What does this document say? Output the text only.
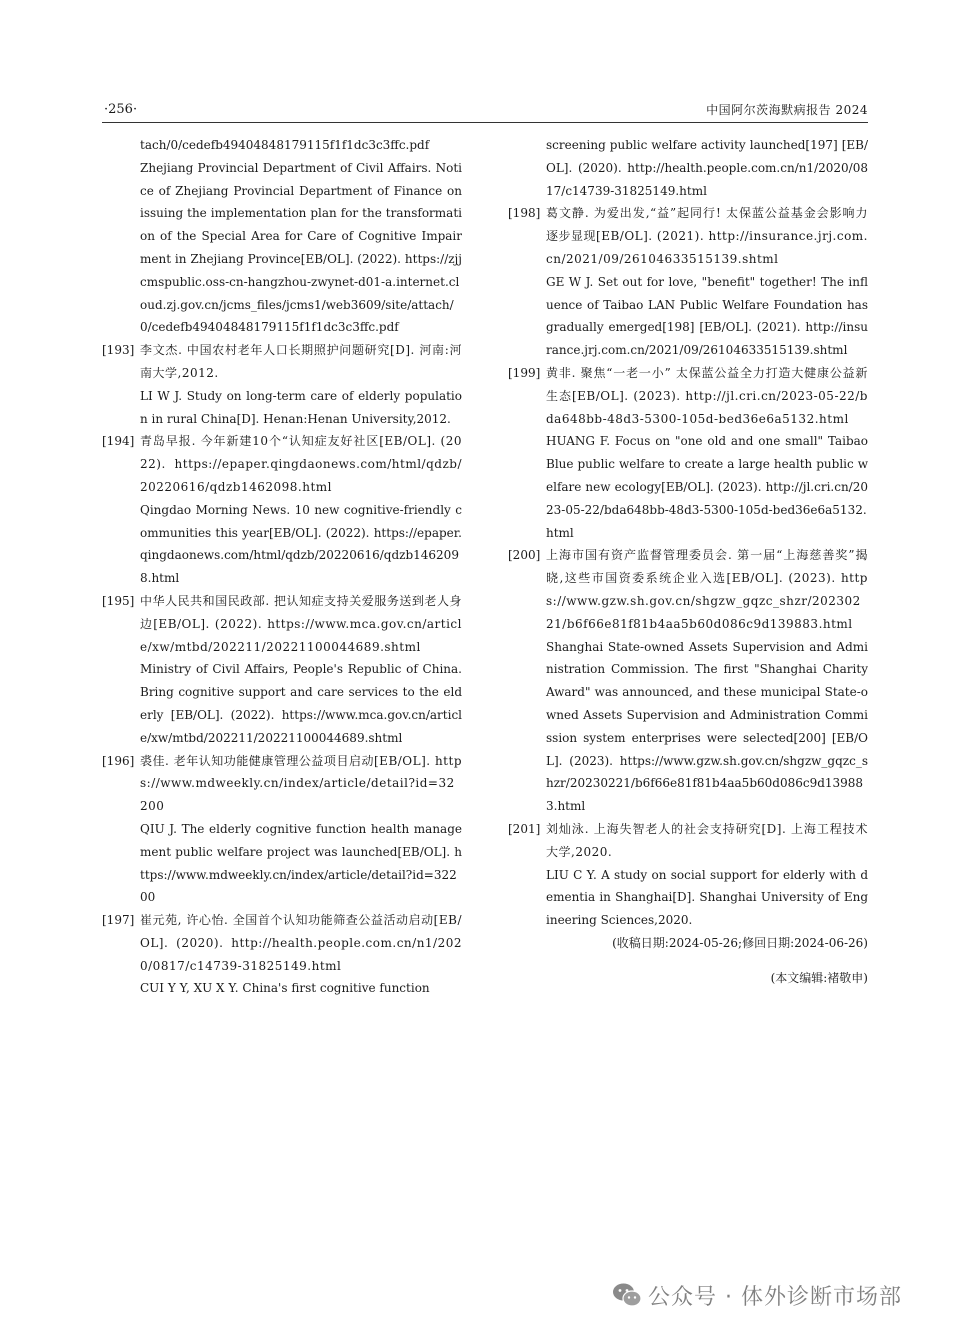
·256·	中国阿尔茨海默病报告 2024

tach/0/cedefb49404848179115f1f1dc3c3ffc.pdf

Zhejiang Provincial Department of Civil Affairs. Notice of Zhejiang Provincial Department of Finance on issuing the implementation plan for the transformation of the Special Area for Care of Cognitive Impairment in Zhejiang Province[EB/OL]. (2022). https://zjjcmspublic.oss-cn-hangzhou-zwynet-d01-a.internet.cloud.zj.gov.cn/jcms_files/jcms1/web3609/site/attach/0/cedefb49404848179115f1f1dc3c3ffc.pdf

[193] 李文杰. 中国农村老年人口长期照护问题研究[D]. 河南:河南大学,2012.

LI W J. Study on long-term care of elderly population in rural China[D]. Henan:Henan University,2012.

[194] 青岛早报. 今年新建10个“认知症友好社区[EB/OL]. (2022). https://epaper.qingdaonews.com/html/qdzb/20220616/qdzb1462098.html

Qingdao Morning News. 10 new cognitive-friendly communities this year[EB/OL]. (2022). https://epaper.qingdaonews.com/html/qdzb/20220616/qdzb1462098.html

[195] 中华人民共和国民政部. 把认知症支持关爱服务送到老人身边[EB/OL]. (2022). https://www.mca.gov.cn/article/xw/mtbd/202211/20221100044689.shtml

Ministry of Civil Affairs, People's Republic of China. Bring cognitive support and care services to the elderly [EB/OL]. (2022). https://www.mca.gov.cn/article/xw/mtbd/202211/20221100044689.shtml

[196] 裘佳. 老年认知功能健康管理公益项目启动[EB/OL]. https://www.mdweekly.cn/index/article/detail?id=32200

QIU J. The elderly cognitive function health management public welfare project was launched[EB/OL]. https://www.mdweekly.cn/index/article/detail?id=32200

[197] 崔元苑, 许心怡. 全国首个认知功能筛查公益活动启动[EB/OL]. (2020). http://health.people.com.cn/n1/2020/0817/c14739-31825149.html

CUI Y Y, XU X Y. China's first cognitive function

screening public welfare activity launched[197] [EB/OL]. (2020). http://health.people.com.cn/n1/2020/0817/c14739-31825149.html

[198] 葛文静. 为爱出发,“益”起同行! 太保蓝公益基金会影响力逐步显现[EB/OL]. (2021). http://insurance.jrj.com.cn/2021/09/26104633515139.shtml

GE W J. Set out for love, "benefit" together! The influence of Taibao LAN Public Welfare Foundation has gradually emerged[198] [EB/OL]. (2021). http://insurance.jrj.com.cn/2021/09/26104633515139.shtml

[199] 黄非. 聚焦“一老一小” 太保蓝公益全力打造大健康公益新生态[EB/OL]. (2023). http://jl.cri.cn/2023-05-22/bda648bb-48d3-5300-105d-bed36e6a5132.html

HUANG F. Focus on "one old and one small" Taibao Blue public welfare to create a large health public welfare new ecology[EB/OL]. (2023). http://jl.cri.cn/2023-05-22/bda648bb-48d3-5300-105d-bed36e6a5132.html

[200] 上海市国有资产监督管理委员会. 第一届“上海慈善奖”揭晓,这些市国资委系统企业入选[EB/OL]. (2023). https://www.gzw.sh.gov.cn/shgzw_gqzc_shzr/20230221/b6f66e81f81b4aa5b60d086c9d139883.html

Shanghai State-owned Assets Supervision and Administration Commission. The first "Shanghai Charity Award" was announced, and these municipal State-owned Assets Supervision and Administration Commission system enterprises were selected[200] [EB/OL]. (2023). https://www.gzw.sh.gov.cn/shgzw_gqzc_shzr/20230221/b6f66e81f81b4aa5b60d086c9d139883.html

[201] 刘灿泳. 上海失智老人的社会支持研究[D]. 上海工程技术大学,2020.

LIU C Y. A study on social support for elderly with dementia in Shanghai[D]. Shanghai University of Engineering Sciences,2020.

(收稿日期:2024-05-26;修回日期:2024-06-26)

(本文编辑:褚敬申)

公众号 · 体外诊断市场部
